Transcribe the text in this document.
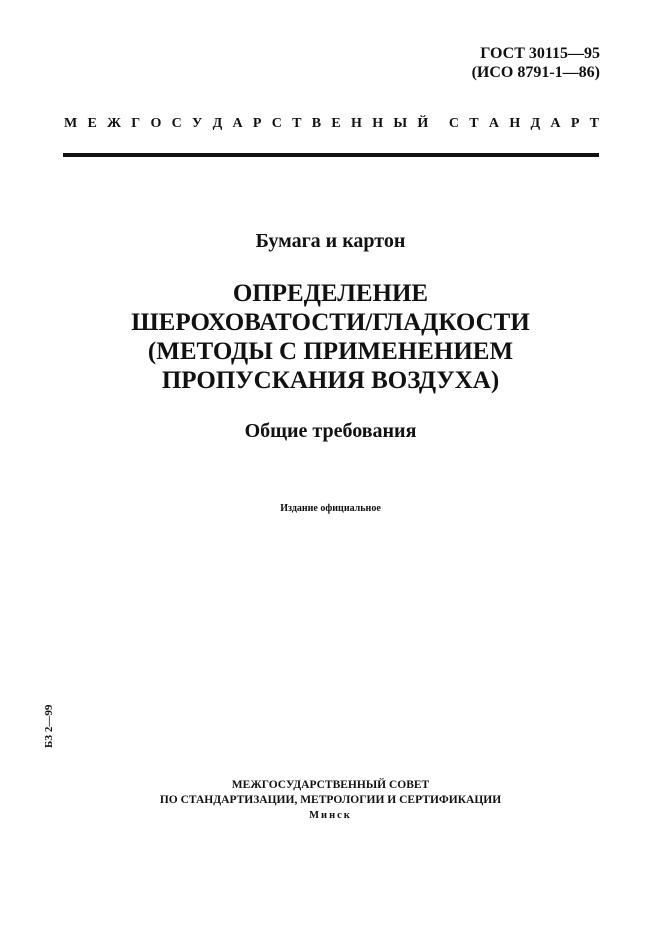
ГОСТ 30115—95
(ИСО 8791-1—86)
М Е Ж Г О С У Д А Р С Т В Е Н Н Ы Й С Т А Н Д А Р Т
Бумага и картон
ОПРЕДЕЛЕНИЕ
ШЕРОХОВАТОСТИ/ГЛАДКОСТИ
(МЕТОДЫ С ПРИМЕНЕНИЕМ
ПРОПУСКАНИЯ ВОЗДУХА)
Общие требования
Издание официальное
БЗ 2—99
МЕЖГОСУДАРСТВЕННЫЙ СОВЕТ
ПО СТАНДАРТИЗАЦИИ, МЕТРОЛОГИИ И СЕРТИФИКАЦИИ
Минск
